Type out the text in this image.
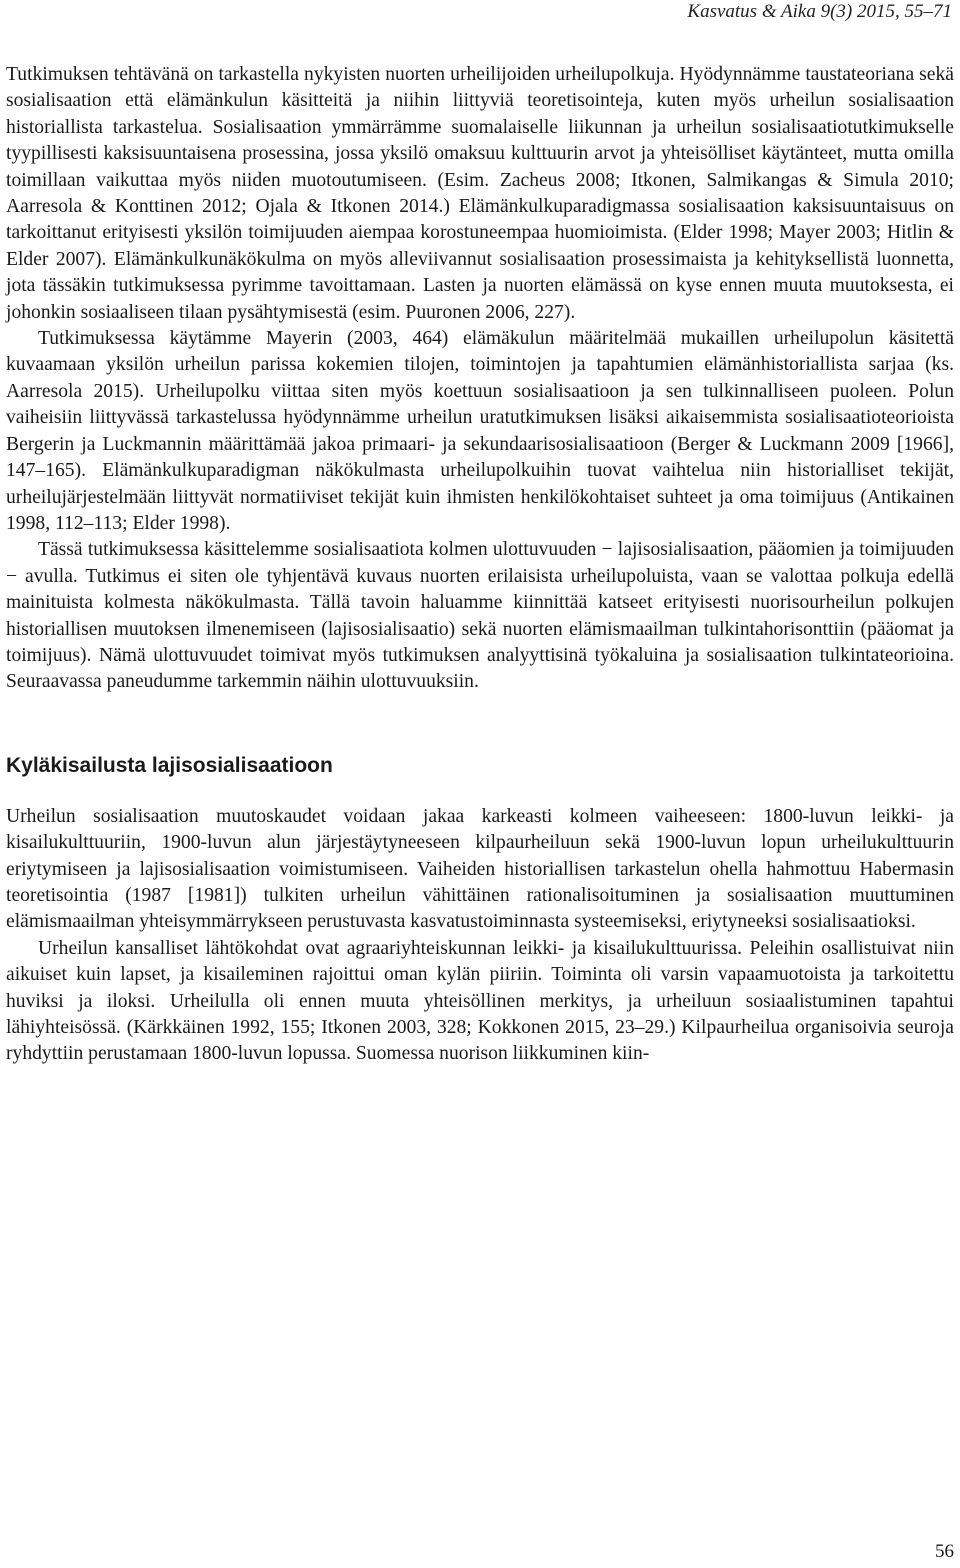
Kasvatus & Aika 9(3) 2015, 55–71

Tutkimuksen tehtävänä on tarkastella nykyisten nuorten urheilijoiden urheilupolkuja. Hyödynnämme taustateoriana sekä sosialisaation että elämänkulun käsitteitä ja niihin liittyviä teoretisointeja, kuten myös urheilun sosialisaation historiallista tarkastelua. Sosialisaation ymmärrämme suomalaiselle liikunnan ja urheilun sosialisaatiotutkimukselle tyypillisesti kaksisuuntaisena prosessina, jossa yksilö omaksuu kulttuurin arvot ja yhteisölliset käytänteet, mutta omilla toimillaan vaikuttaa myös niiden muotoutumiseen. (Esim. Zacheus 2008; Itkonen, Salmikangas & Simula 2010; Aarresola & Konttinen 2012; Ojala & Itkonen 2014.) Elämänkulkuparadigmassa sosialisaation kaksisuuntaisuus on tarkoittanut erityisesti yksilön toimijuuden aiempaa korostuneempaa huomioimista. (Elder 1998; Mayer 2003; Hitlin & Elder 2007). Elämänkulkunäkökulma on myös alleviivannut sosialisaation prosessimaista ja kehityksellistä luonnetta, jota tässäkin tutkimuksessa pyrimme tavoittamaan. Lasten ja nuorten elämässä on kyse ennen muuta muutoksesta, ei johonkin sosiaaliseen tilaan pysähtymisestä (esim. Puuronen 2006, 227).

Tutkimuksessa käytämme Mayerin (2003, 464) elämäkulun määritelmää mukaillen urheilupolun käsitettä kuvaamaan yksilön urheilun parissa kokemien tilojen, toimintojen ja tapahtumien elämänhistoriallista sarjaa (ks. Aarresola 2015). Urheilupolku viittaa siten myös koettuun sosialisaatioon ja sen tulkinnalliseen puoleen. Polun vaiheisiin liittyvässä tarkastelussa hyödynnämme urheilun uratutkimuksen lisäksi aikaisemmista sosialisaatioteorioista Bergerin ja Luckmannin määrittämää jakoa primaari- ja sekundaarisosialisaatioon (Berger & Luckmann 2009 [1966], 147–165). Elämänkulkuparadigman näkökulmasta urheilupolkuihin tuovat vaihtelua niin historialliset tekijät, urheilujärjestelmään liittyvät normatiiviset tekijät kuin ihmisten henkilökohtaiset suhteet ja oma toimijuus (Antikainen 1998, 112–113; Elder 1998).

Tässä tutkimuksessa käsittelemme sosialisaatiota kolmen ulottuvuuden − lajisosialisaation, pääomien ja toimijuuden − avulla. Tutkimus ei siten ole tyhjentävä kuvaus nuorten erilaisista urheilupoluista, vaan se valottaa polkuja edellä mainituista kolmesta näkökulmasta. Tällä tavoin haluamme kiinnittää katseet erityisesti nuorisourheilun polkujen historiallisen muutoksen ilmenemiseen (lajisosialisaatio) sekä nuorten elämismaailman tulkintahorisonttiin (pääomat ja toimijuus). Nämä ulottuvuudet toimivat myös tutkimuksen analyyttisinä työkaluina ja sosialisaation tulkintateorioina. Seuraavassa paneudumme tarkemmin näihin ulottuvuuksiin.

Kyläkisailusta lajisosialisaatioon

Urheilun sosialisaation muutoskaudet voidaan jakaa karkeasti kolmeen vaiheeseen: 1800-luvun leikki- ja kisailukulttuuriin, 1900-luvun alun järjestäytyneeseen kilpaurheiluun sekä 1900-luvun lopun urheilukulttuurin eriytymiseen ja lajisosialisaation voimistumiseen. Vaiheiden historiallisen tarkastelun ohella hahmottuu Habermasin teoretisointia (1987 [1981]) tulkiten urheilun vähittäinen rationalisoituminen ja sosialisaation muuttuminen elämismaailman yhteisymmärrykseen perustuvasta kasvatustoiminnasta systeemiseksi, eriytyneeksi sosialisaatioksi.

Urheilun kansalliset lähtökohdat ovat agraariyhteiskunnan leikki- ja kisailukulttuurissa. Peleihin osallistuivat niin aikuiset kuin lapset, ja kisaileminen rajoittui oman kylän piiriin. Toiminta oli varsin vapaamuotoista ja tarkoitettu huviksi ja iloksi. Urheilulla oli ennen muuta yhteisöllinen merkitys, ja urheiluun sosiaalistuminen tapahtui lähiyhteisössä. (Kärkkäinen 1992, 155; Itkonen 2003, 328; Kokkonen 2015, 23–29.) Kilpaurheilua organisoivia seuroja ryhdyttiin perustamaan 1800-luvun lopussa. Suomessa nuorison liikkuminen kiin-

56
